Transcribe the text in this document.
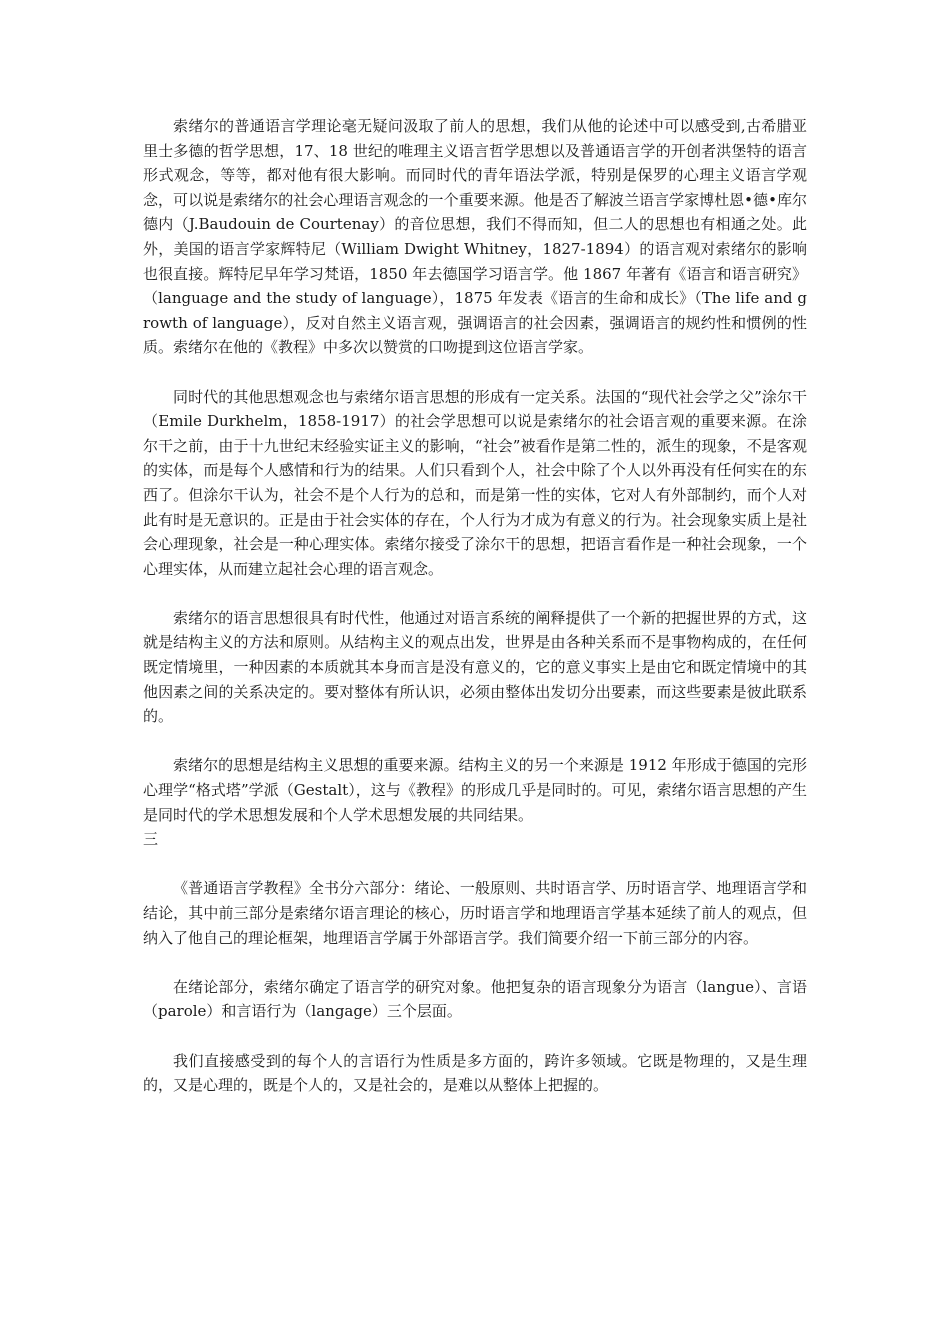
索绪尔的普通语言学理论毫无疑问汲取了前人的思想，我们从他的论述中可以感受到,古希腊亚里士多德的哲学思想，17、18 世纪的唯理主义语言哲学思想以及普通语言学的开创者洪堡特的语言形式观念，等等，都对他有很大影响。而同时代的青年语法学派，特别是保罗的心理主义语言学观念，可以说是索绪尔的社会心理语言观念的一个重要来源。他是否了解波兰语言学家博杜恩•德•库尔德内（J.Baudouin de Courtenay）的音位思想，我们不得而知，但二人的思想也有相通之处。此外，美国的语言学家辉特尼（William Dwight Whitney，1827-1894）的语言观对索绪尔的影响也很直接。辉特尼早年学习梵语，1850 年去德国学习语言学。他 1867 年著有《语言和语言研究》（language and the study of language），1875 年发表《语言的生命和成长》（The life and growth of language），反对自然主义语言观，强调语言的社会因素，强调语言的规约性和惯例的性质。索绪尔在他的《教程》中多次以赞赏的口吻提到这位语言学家。

同时代的其他思想观念也与索绪尔语言思想的形成有一定关系。法国的“现代社会学之父”涂尔干（Emile Durkhelm，1858-1917）的社会学思想可以说是索绪尔的社会语言观的重要来源。在涂尔干之前，由于十九世纪末经验实证主义的影响，“社会”被看作是第二性的，派生的现象，不是客观的实体，而是每个人感情和行为的结果。人们只看到个人，社会中除了个人以外再没有任何实在的东西了。但涂尔干认为，社会不是个人行为的总和，而是第一性的实体，它对人有外部制约，而个人对此有时是无意识的。正是由于社会实体的存在，个人行为才成为有意义的行为。社会现象实质上是社会心理现象，社会是一种心理实体。索绪尔接受了涂尔干的思想，把语言看作是一种社会现象，一个心理实体，从而建立起社会心理的语言观念。

索绪尔的语言思想很具有时代性，他通过对语言系统的阐释提供了一个新的把握世界的方式，这就是结构主义的方法和原则。从结构主义的观点出发，世界是由各种关系而不是事物构成的，在任何既定情境里，一种因素的本质就其本身而言是没有意义的，它的意义事实上是由它和既定情境中的其他因素之间的关系决定的。要对整体有所认识，必须由整体出发切分出要素，而这些要素是彼此联系的。

索绪尔的思想是结构主义思想的重要来源。结构主义的另一个来源是 1912 年形成于德国的完形心理学“格式塔”学派（Gestalt），这与《教程》的形成几乎是同时的。可见，索绪尔语言思想的产生是同时代的学术思想发展和个人学术思想发展的共同结果。

三

《普通语言学教程》全书分六部分：绪论、一般原则、共时语言学、历时语言学、地理语言学和结论，其中前三部分是索绪尔语言理论的核心，历时语言学和地理语言学基本延续了前人的观点，但纳入了他自己的理论框架，地理语言学属于外部语言学。我们简要介绍一下前三部分的内容。

在绪论部分，索绪尔确定了语言学的研究对象。他把复杂的语言现象分为语言（langue）、言语（parole）和言语行为（langage）三个层面。

我们直接感受到的每个人的言语行为性质是多方面的，跨许多领域。它既是物理的，又是生理的，又是心理的，既是个人的，又是社会的，是难以从整体上把握的。
